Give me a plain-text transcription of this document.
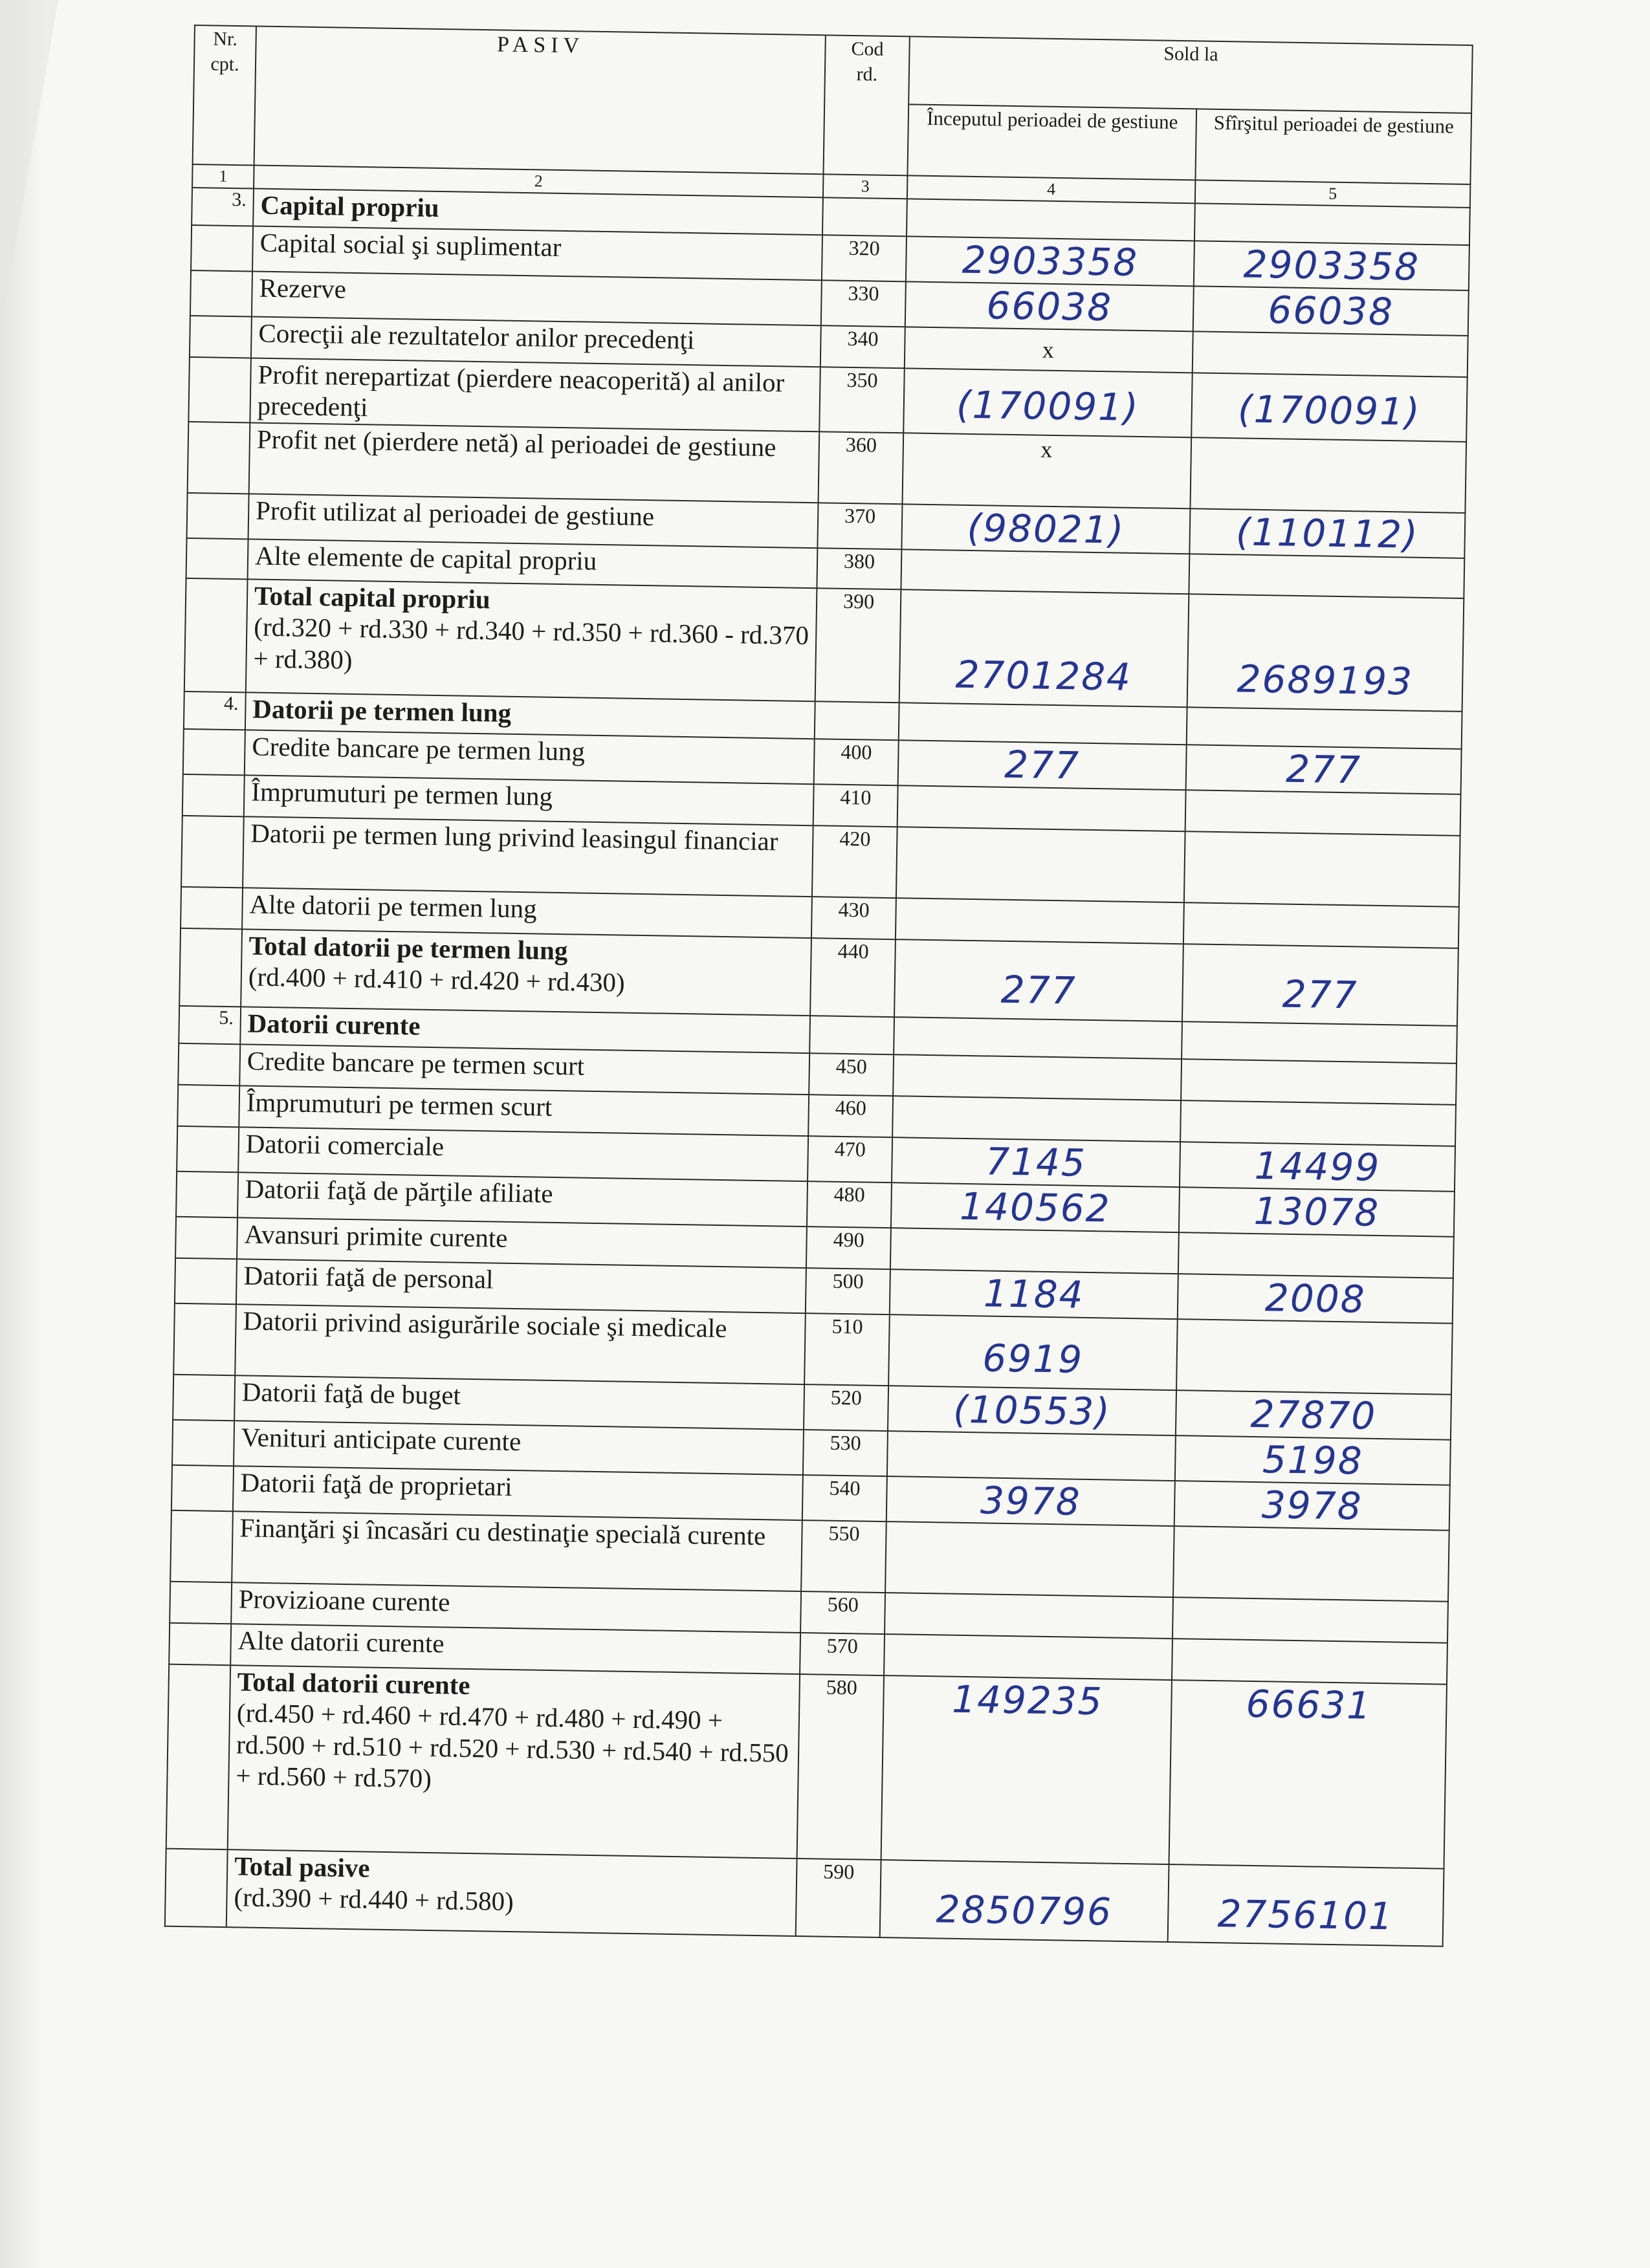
Nr.
cpt.	PASIV	Cod
rd.	Sold la	
			Începutul perioadei de gestiune	Sfîrşitul perioadei de gestiune
1	2	3	4	5
3.	Capital propriu			
	Capital social şi suplimentar	320	2903358	2903358
	Rezerve	330	66038	66038
	Corecţii ale rezultatelor anilor precedenţi	340	x	
	Profit nerepartizat (pierdere neacoperită) al anilor precedenţi	350	(170091)	(170091)
	Profit net (pierdere netă) al perioadei de gestiune	360	x	
	Profit utilizat al perioadei de gestiune	370	(98021)	(110112)
	Alte elemente de capital propriu	380		

	Total capital propriu
(rd.320 + rd.330 + rd.340 + rd.350 + rd.360 - rd.370 + rd.380)	390	2701284	2689193
4.	Datorii pe termen lung			
	Credite bancare pe termen lung	400	277	277
	Împrumuturi pe termen lung	410		
	Datorii pe termen lung privind leasingul financiar	420		
	Alte datorii pe termen lung	430		

	Total datorii pe termen lung
(rd.400 + rd.410 + rd.420 + rd.430)	440	277	277
5.	Datorii curente			
	Credite bancare pe termen scurt	450		
	Împrumuturi pe termen scurt	460		
	Datorii comerciale	470	7145	14499
	Datorii faţă de părţile afiliate	480	140562	13078
	Avansuri primite curente	490		
	Datorii faţă de personal	500	1184	2008
	Datorii privind asigurările sociale şi medicale	510	6919	
	Datorii faţă de buget	520	(10553)	27870
	Venituri anticipate curente	530		5198
	Datorii faţă de proprietari	540	3978	3978
	Finanţări şi încasări cu destinaţie specială curente	550		
	Provizioane curente	560		
	Alte datorii curente	570		

	Total datorii curente
(rd.450 + rd.460 + rd.470 + rd.480 + rd.490 + rd.500 + rd.510 + rd.520 + rd.530 + rd.540 + rd.550 + rd.560 + rd.570)	580	149235	66631

	Total pasive
(rd.390 + rd.440 + rd.580)	590	2850796	2756101
